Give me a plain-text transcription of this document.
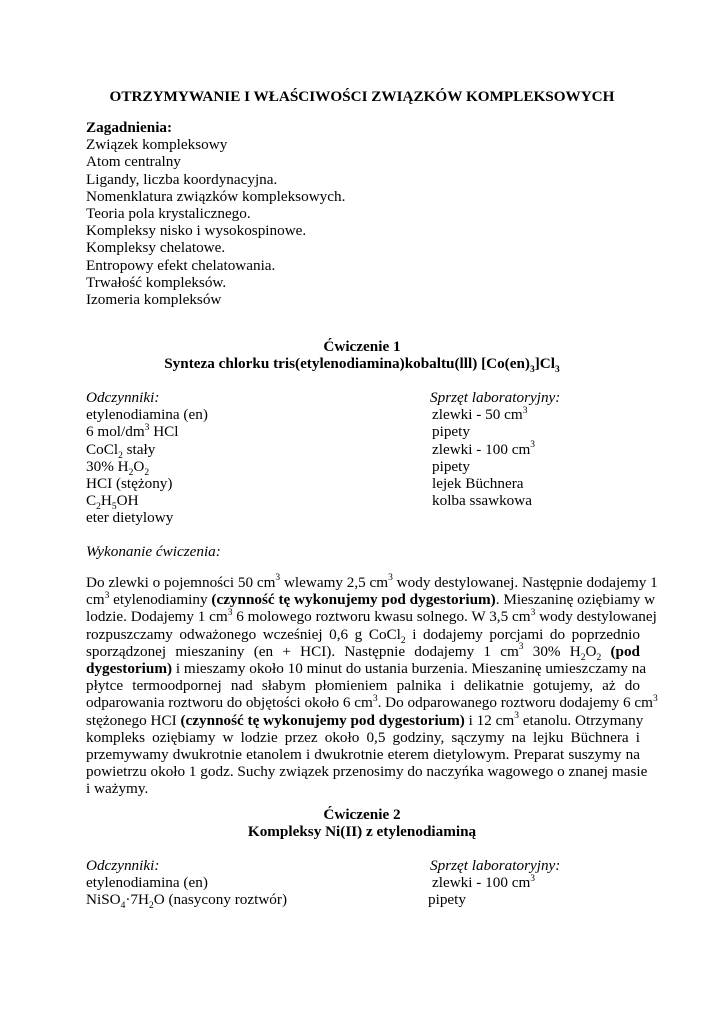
OTRZYMYWANIE I WŁAŚCIWOŚCI ZWIĄZKÓW KOMPLEKSOWYCH
Zagadnienia:
Związek kompleksowy
Atom centralny
Ligandy, liczba koordynacyjna.
Nomenklatura związków kompleksowych.
Teoria pola krystalicznego.
Kompleksy nisko i wysokospinowe.
Kompleksy chelatowe.
Entropowy efekt chelatowania.
Trwałość kompleksów.
Izomeria kompleksów
Ćwiczenie 1
Synteza chlorku tris(etylenodiamina)kobaltu(lll) $[Co(en)_3]Cl_3$
Odczynniki:
etylenodiamina (en)
6 mol/$dm^3$ HCl
CoCl$_2$ stały
30% $H_2O_2$
HCI (stężony)
$C_2H_5OH$
eter dietylowy
Sprzęt laboratoryjny:
zlewki - 50 $cm^3$
pipety
zlewki - 100 $cm^3$
pipety
lejek Büchnera
kolba ssawkowa
Wykonanie ćwiczenia:
Do zlewki o pojemności 50 $cm^3$ wlewamy 2,5 $cm^3$ wody destylowanej. Następnie dodajemy 1
$cm^3$ etylenodiaminy (czynność tę wykonujemy pod dygestorium). Mieszaninę oziębiamy w
lodzie. Dodajemy 1 $cm^3$ 6 molowego roztworu kwasu solnego. W 3,5 $cm^3$ wody destylowanej
rozpuszczamy odważonego wcześniej 0,6 g CoCl$_2$ i dodajemy porcjami do poprzednio
sporządzonej mieszaniny (en + HCI). Następnie dodajemy 1 $cm^3$ 30% $H_2O_2$ (pod
dygestorium) i mieszamy około 10 minut do ustania burzenia. Mieszaninę umieszczamy na
płytce termoodpornej nad słabym płomieniem palnika i delikatnie gotujemy, aż do
odparowania roztworu do objętości około 6 $cm^3$. Do odparowanego roztworu dodajemy 6 $cm^3$
stężonego HCI (czynność tę wykonujemy pod dygestorium) i 12 $cm^3$ etanolu. Otrzymany
kompleks oziębiamy w lodzie przez około 0,5 godziny, sączymy na lejku Büchnera i
przemywamy dwukrotnie etanolem i dwukrotnie eterem dietylowym. Preparat suszymy na
powietrzu około 1 godz. Suchy związek przenosimy do naczyńka wagowego o znanej masie
i ważymy.
Ćwiczenie 2
Kompleksy Ni(II) z etylenodiaminą
Odczynniki:
etylenodiamina (en)
$NiSO_4\cdot 7H_2O$ (nasycony roztwór)
Sprzęt laboratoryjny:
zlewki - 100 $cm^3$
pipety
